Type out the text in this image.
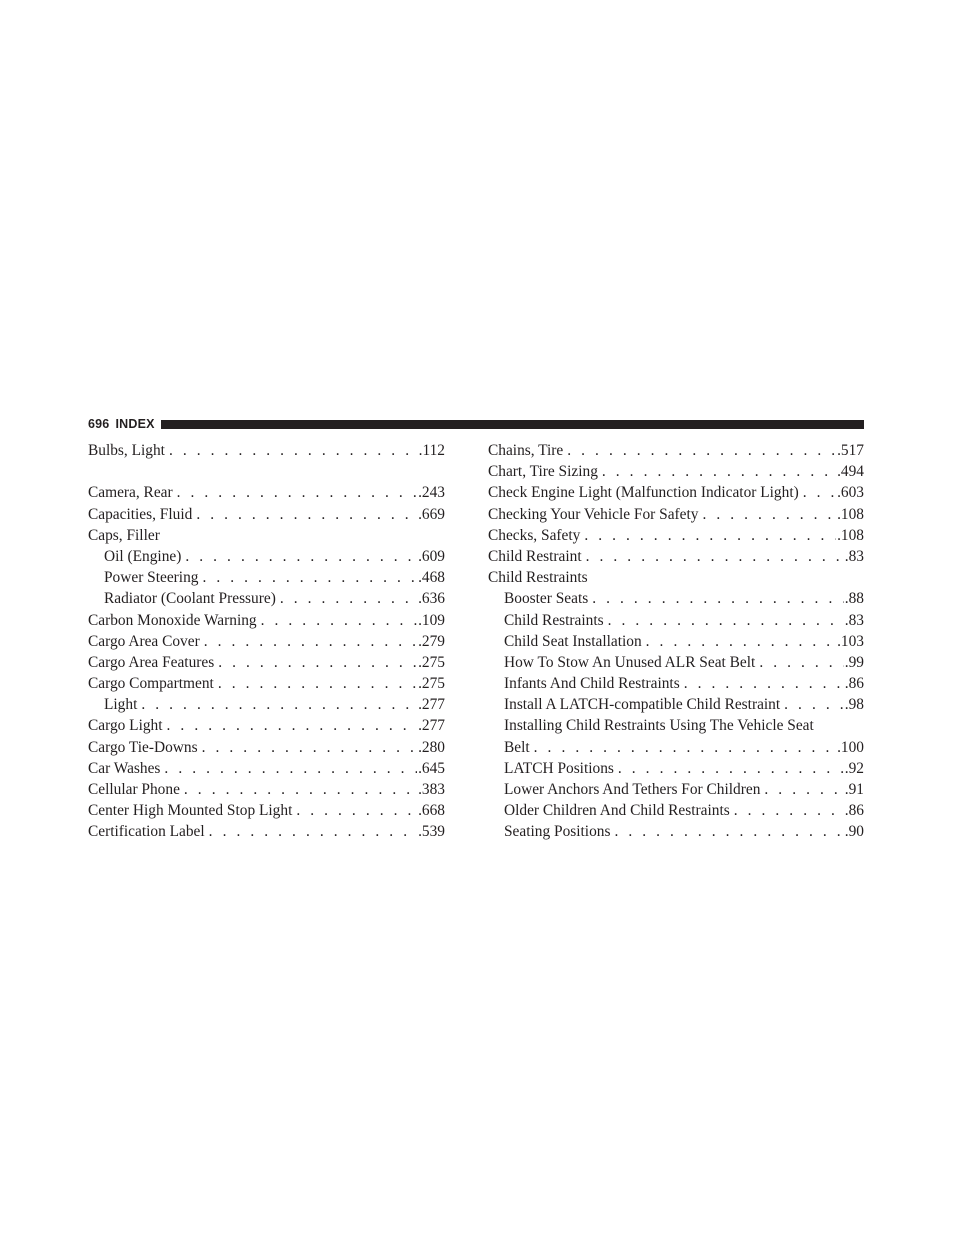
696 INDEX
Bulbs, Light . . .	.112
Camera, Rear . . .	.243
Capacities, Fluid . . .	.669
Caps, Filler
Oil (Engine) . . .	.609
Power Steering . . .	.468
Radiator (Coolant Pressure) . . .	.636
Carbon Monoxide Warning . . .	.109
Cargo Area Cover . . .	.279
Cargo Area Features . . .	.275
Cargo Compartment . . .	.275
Light . . .	.277
Cargo Light . . .	.277
Cargo Tie-Downs . . .	.280
Car Washes . . .	.645
Cellular Phone . . .	.383
Center High Mounted Stop Light . . .	.668
Certification Label . . .	.539
Chains, Tire . . .	.517
Chart, Tire Sizing . . .	.494
Check Engine Light (Malfunction Indicator Light) . . . .603
Checking Your Vehicle For Safety . . .	.108
Checks, Safety . . .	.108
Child Restraint . . .	.83
Child Restraints
Booster Seats . . .	.88
Child Restraints . . .	.83
Child Seat Installation . . .	.103
How To Stow An Unused ALR Seat Belt . . .	.99
Infants And Child Restraints . . .	.86
Install A LATCH-compatible Child Restraint . . .	.98
Installing Child Restraints Using The Vehicle Seat
Belt . . .	.100
LATCH Positions . . .	.92
Lower Anchors And Tethers For Children . . .	.91
Older Children And Child Restraints . . .	.86
Seating Positions . . .	.90
